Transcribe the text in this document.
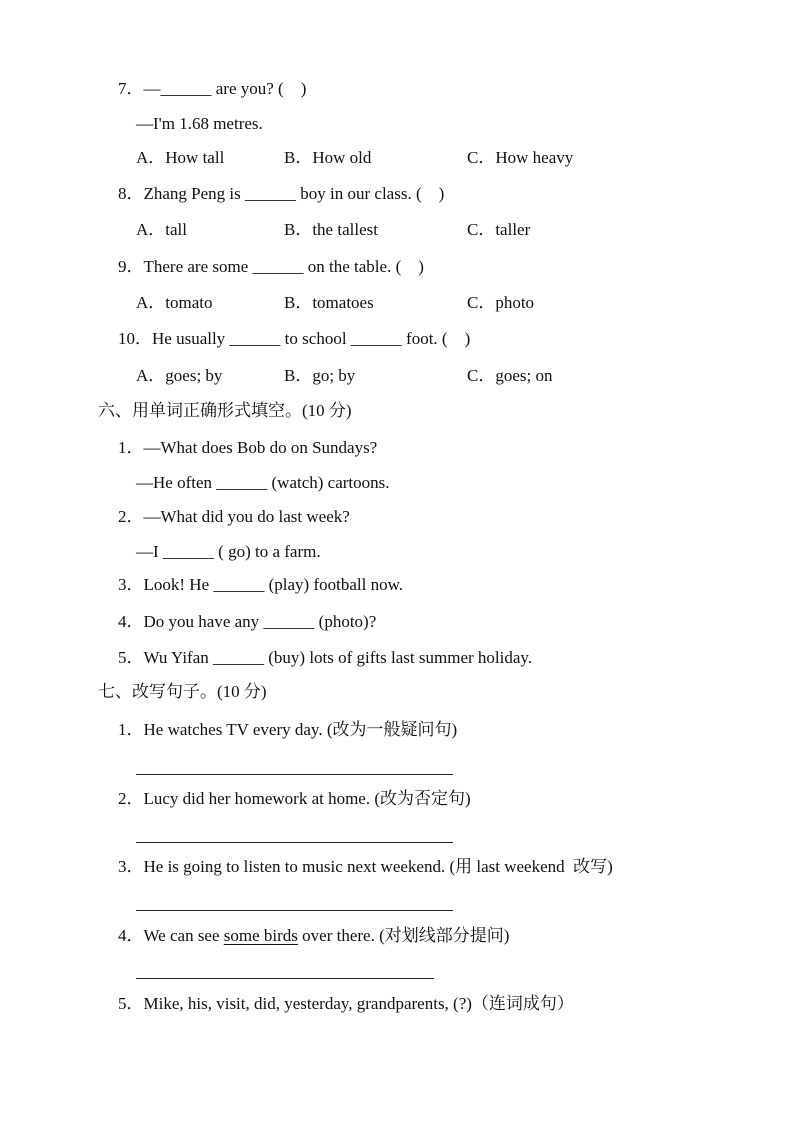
7．—______ are you? (    )
—I'm 1.68 metres.
A．How tall	B．How old	C．How heavy
8．Zhang Peng is ______ boy in our class. (    )
A．tall	B．the tallest	C．taller
9．There are some ______ on the table. (    )
A．tomato	B．tomatoes	C．photo
10．He usually ______ to school ______ foot. (    )
A．goes; by	B．go; by	C．goes; on
六、用单词正确形式填空。(10 分)
1．—What does Bob do on Sundays?
—He often ______ (watch) cartoons.
2．—What did you do last week?
—I ______ ( go) to a farm.
3．Look! He ______ (play) football now.
4．Do you have any ______ (photo)?
5．Wu Yifan ______ (buy) lots of gifts last summer holiday.
七、改写句子。(10 分)
1．He watches TV every day. (改为一般疑问句)
2．Lucy did her homework at home. (改为否定句)
3．He is going to listen to music next weekend. (用 last weekend  改写)
4．We can see some birds over there. (对划线部分提问)
5．Mike, his, visit, did, yesterday, grandparents, (?)（连词成句）
